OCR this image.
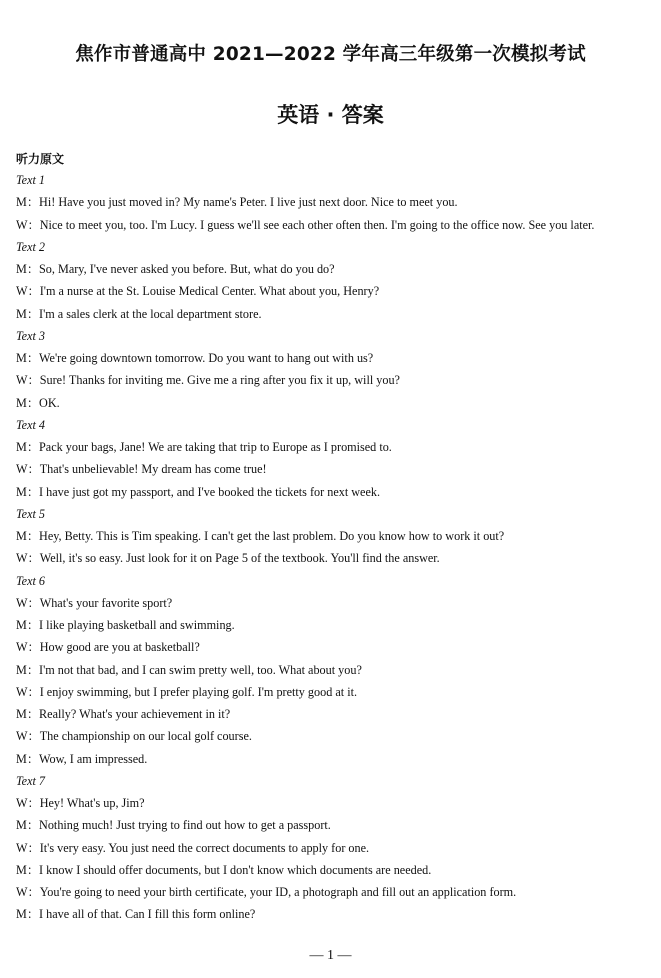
焦作市普通高中 2021—2022 学年高三年级第一次模拟考试
英语 · 答案
听力原文
Text 1
M：Hi! Have you just moved in? My name's Peter. I live just next door. Nice to meet you.
W：Nice to meet you, too. I'm Lucy. I guess we'll see each other often then. I'm going to the office now. See you later.
Text 2
M：So, Mary, I've never asked you before. But, what do you do?
W：I'm a nurse at the St. Louise Medical Center. What about you, Henry?
M：I'm a sales clerk at the local department store.
Text 3
M：We're going downtown tomorrow. Do you want to hang out with us?
W：Sure! Thanks for inviting me. Give me a ring after you fix it up, will you?
M：OK.
Text 4
M：Pack your bags, Jane! We are taking that trip to Europe as I promised to.
W：That's unbelievable! My dream has come true!
M：I have just got my passport, and I've booked the tickets for next week.
Text 5
M：Hey, Betty. This is Tim speaking. I can't get the last problem. Do you know how to work it out?
W：Well, it's so easy. Just look for it on Page 5 of the textbook. You'll find the answer.
Text 6
W：What's your favorite sport?
M：I like playing basketball and swimming.
W：How good are you at basketball?
M：I'm not that bad, and I can swim pretty well, too. What about you?
W：I enjoy swimming, but I prefer playing golf. I'm pretty good at it.
M：Really? What's your achievement in it?
W：The championship on our local golf course.
M：Wow, I am impressed.
Text 7
W：Hey! What's up, Jim?
M：Nothing much! Just trying to find out how to get a passport.
W：It's very easy. You just need the correct documents to apply for one.
M：I know I should offer documents, but I don't know which documents are needed.
W：You're going to need your birth certificate, your ID, a photograph and fill out an application form.
M：I have all of that. Can I fill this form online?
— 1 —
